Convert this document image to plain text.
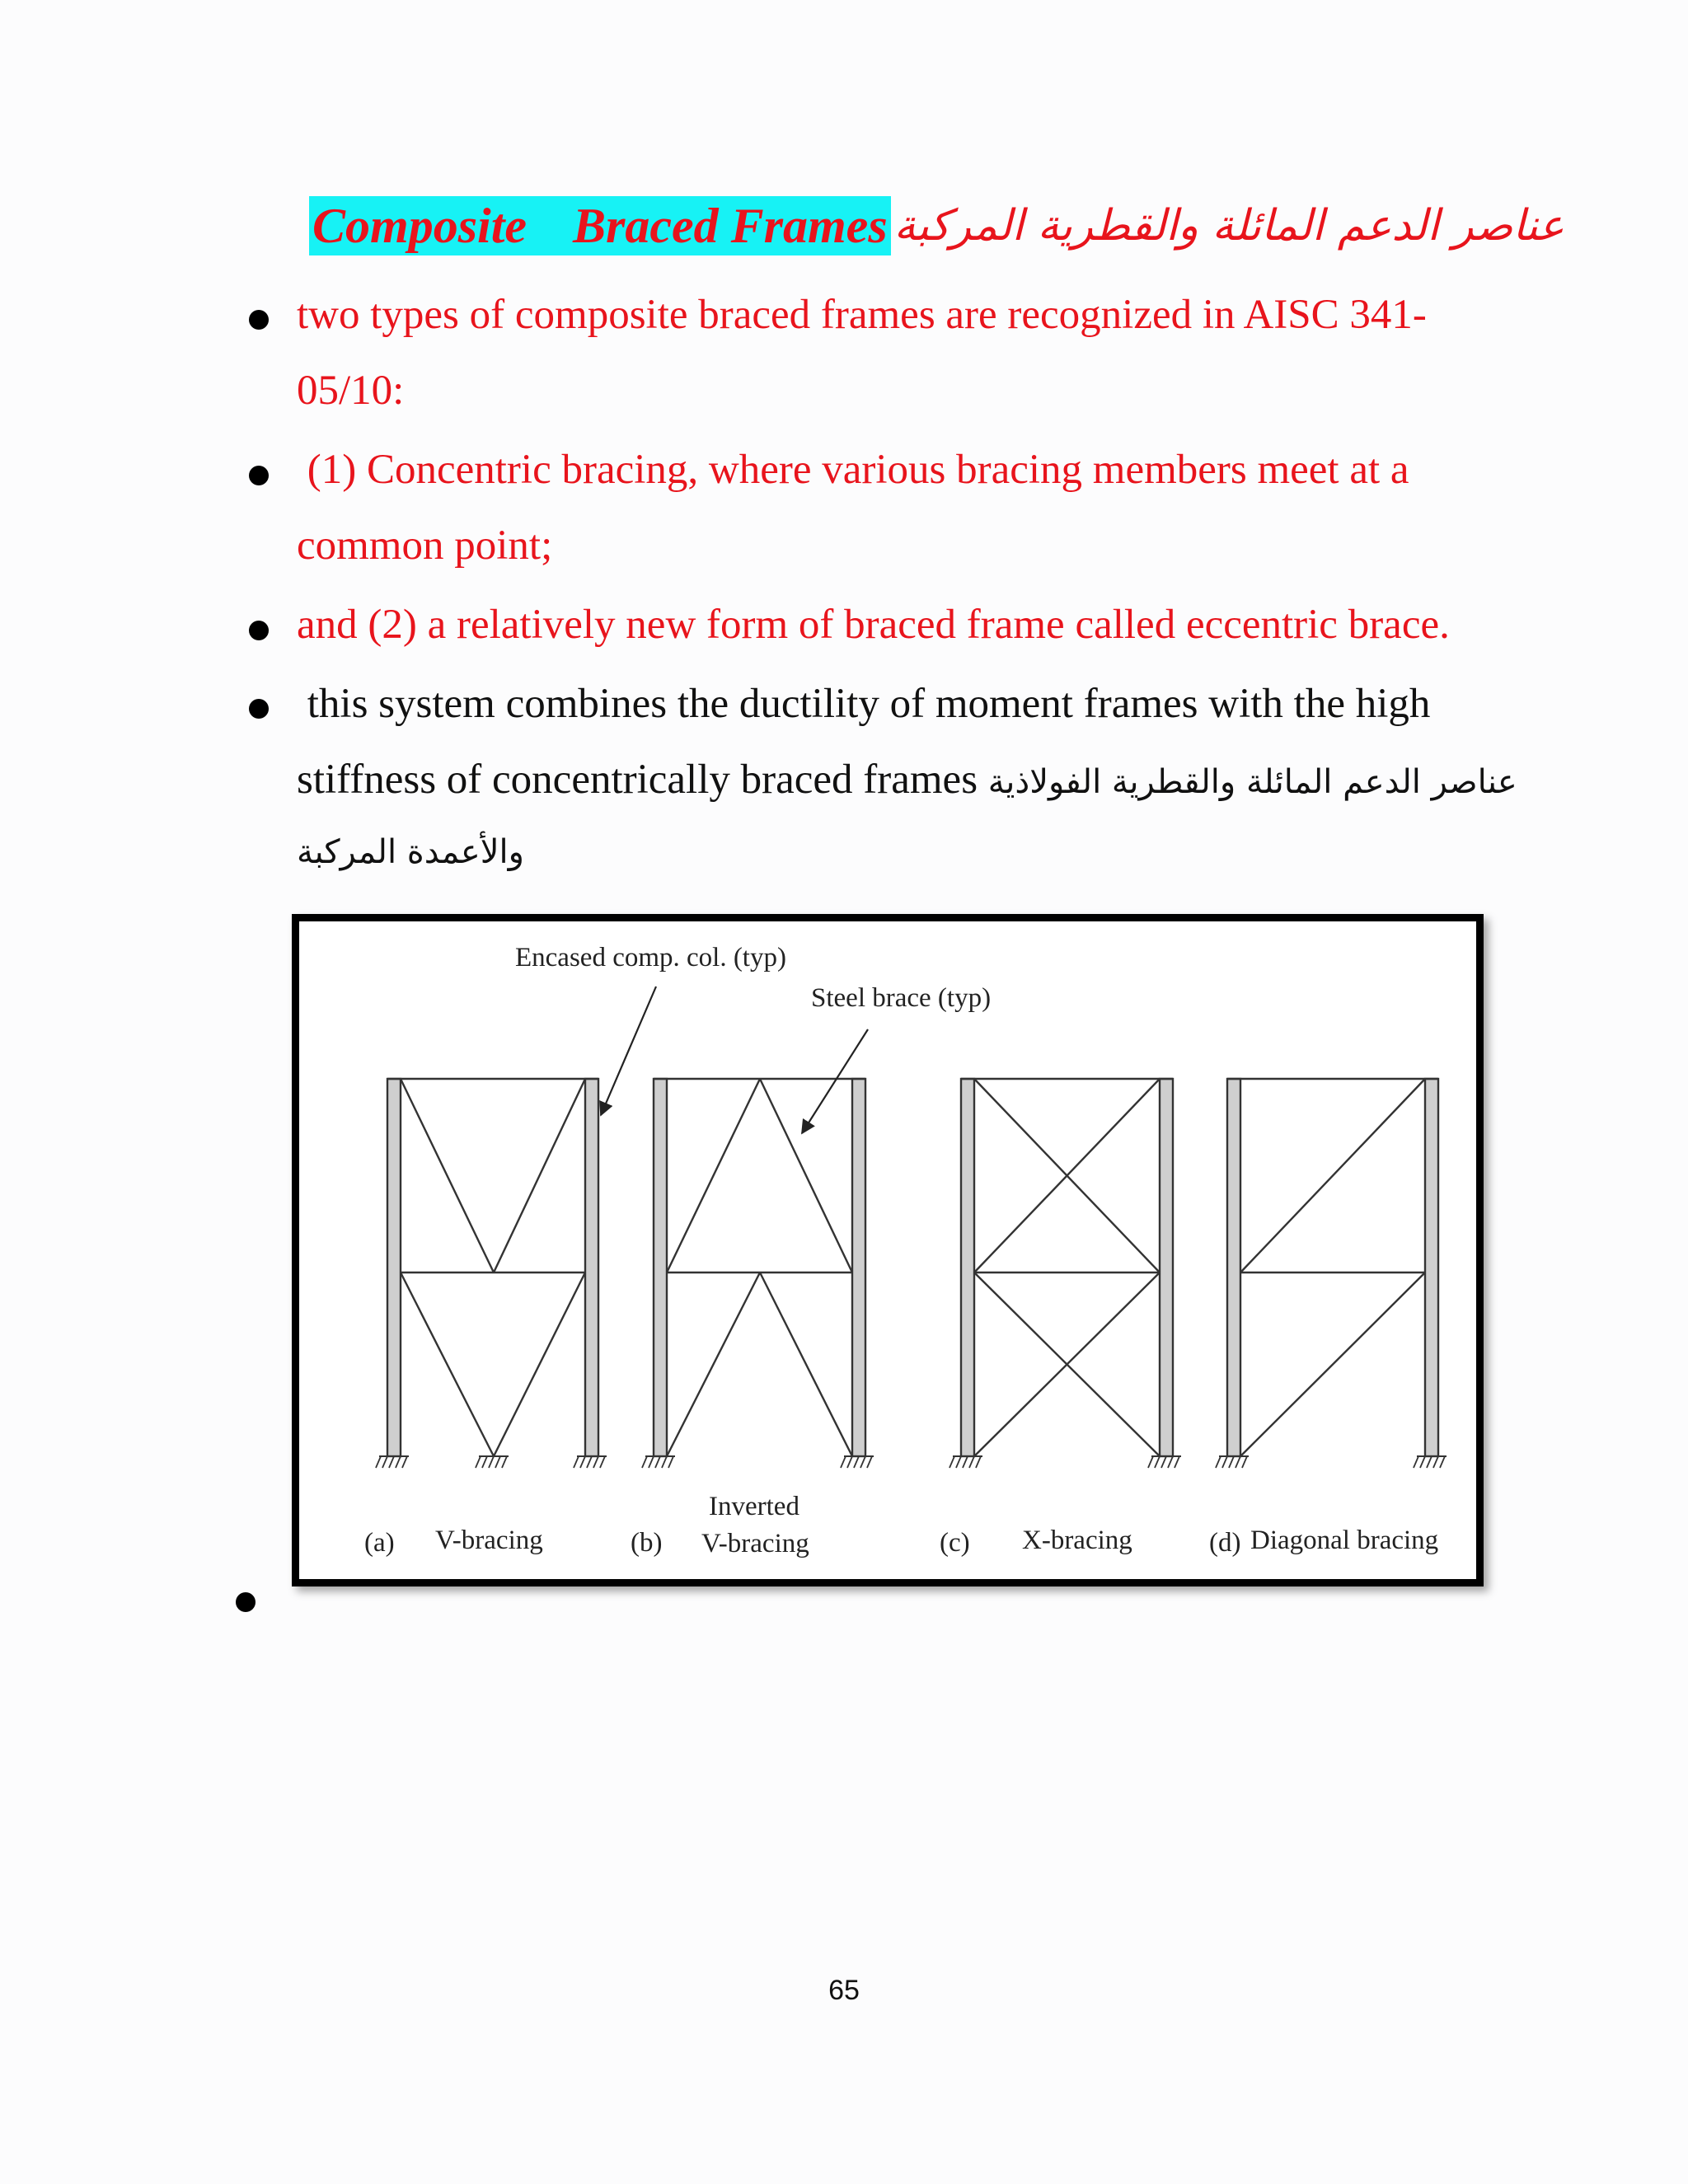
Composite Braced Frames عناصر الدعم المائلة والقطرية المركبة
two types of composite braced frames are recognized in AISC 341-
05/10:
(1) Concentric bracing, where various bracing members meet at a
common point;
and (2) a relatively new form of braced frame called eccentric brace.
this system combines the ductility of moment frames with the high
stiffness of concentrically braced frames عناصر الدعم المائلة والقطرية الفولاذية
والأعمدة المركبة
Encased comp. col. (typ)
Steel brace (typ)
(a) V-bracing	(b)
Inverted
V-bracing	(c) X-bracing	(d) Diagonal bracing
65
